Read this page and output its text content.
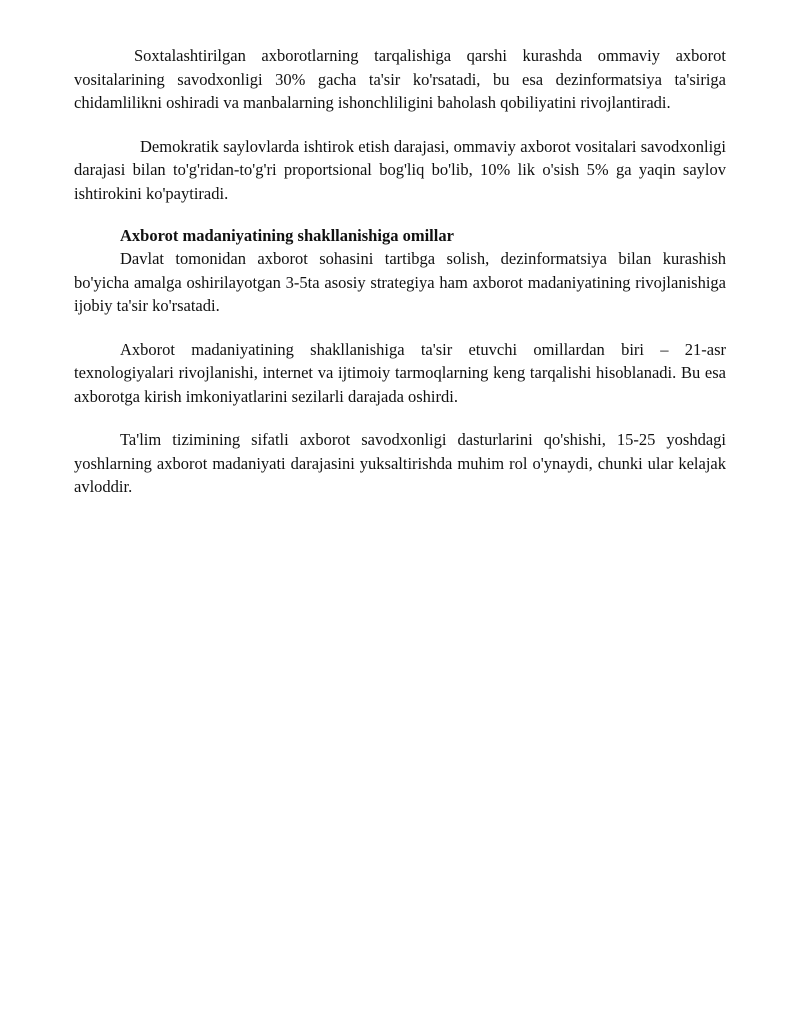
Soxtalashtirilgan axborotlarning tarqalishiga qarshi kurashda ommaviy axborot vositalarining savodxonligi 30% gacha ta'sir ko'rsatadi, bu esa dezinformatsiya ta'siriga chidamlilikni oshiradi va manbalarning ishonchliligini baholash qobiliyatini rivojlantiradi.

Demokratik saylovlarda ishtirok etish darajasi, ommaviy axborot vositalari savodxonligi darajasi bilan to'g'ridan-to'g'ri proportsional bog'liq bo'lib, 10% lik o'sish 5% ga yaqin saylov ishtirokini ko'paytiradi.

Axborot madaniyatining shakllanishiga omillar

Davlat tomonidan axborot sohasini tartibga solish, dezinformatsiya bilan kurashish bo'yicha amalga oshirilayotgan 3-5ta asosiy strategiya ham axborot madaniyatining rivojlanishiga ijobiy ta'sir ko'rsatadi.

Axborot madaniyatining shakllanishiga ta'sir etuvchi omillardan biri – 21-asr texnologiyalari rivojlanishi, internet va ijtimoiy tarmoqlarning keng tarqalishi hisoblanadi. Bu esa axborotga kirish imkoniyatlarini sezilarli darajada oshirdi.

Ta'lim tizimining sifatli axborot savodxonligi dasturlarini qo'shishi, 15-25 yoshdagi yoshlarning axborot madaniyati darajasini yuksaltirishda muhim rol o'ynaydi, chunki ular kelajak avloddir.
